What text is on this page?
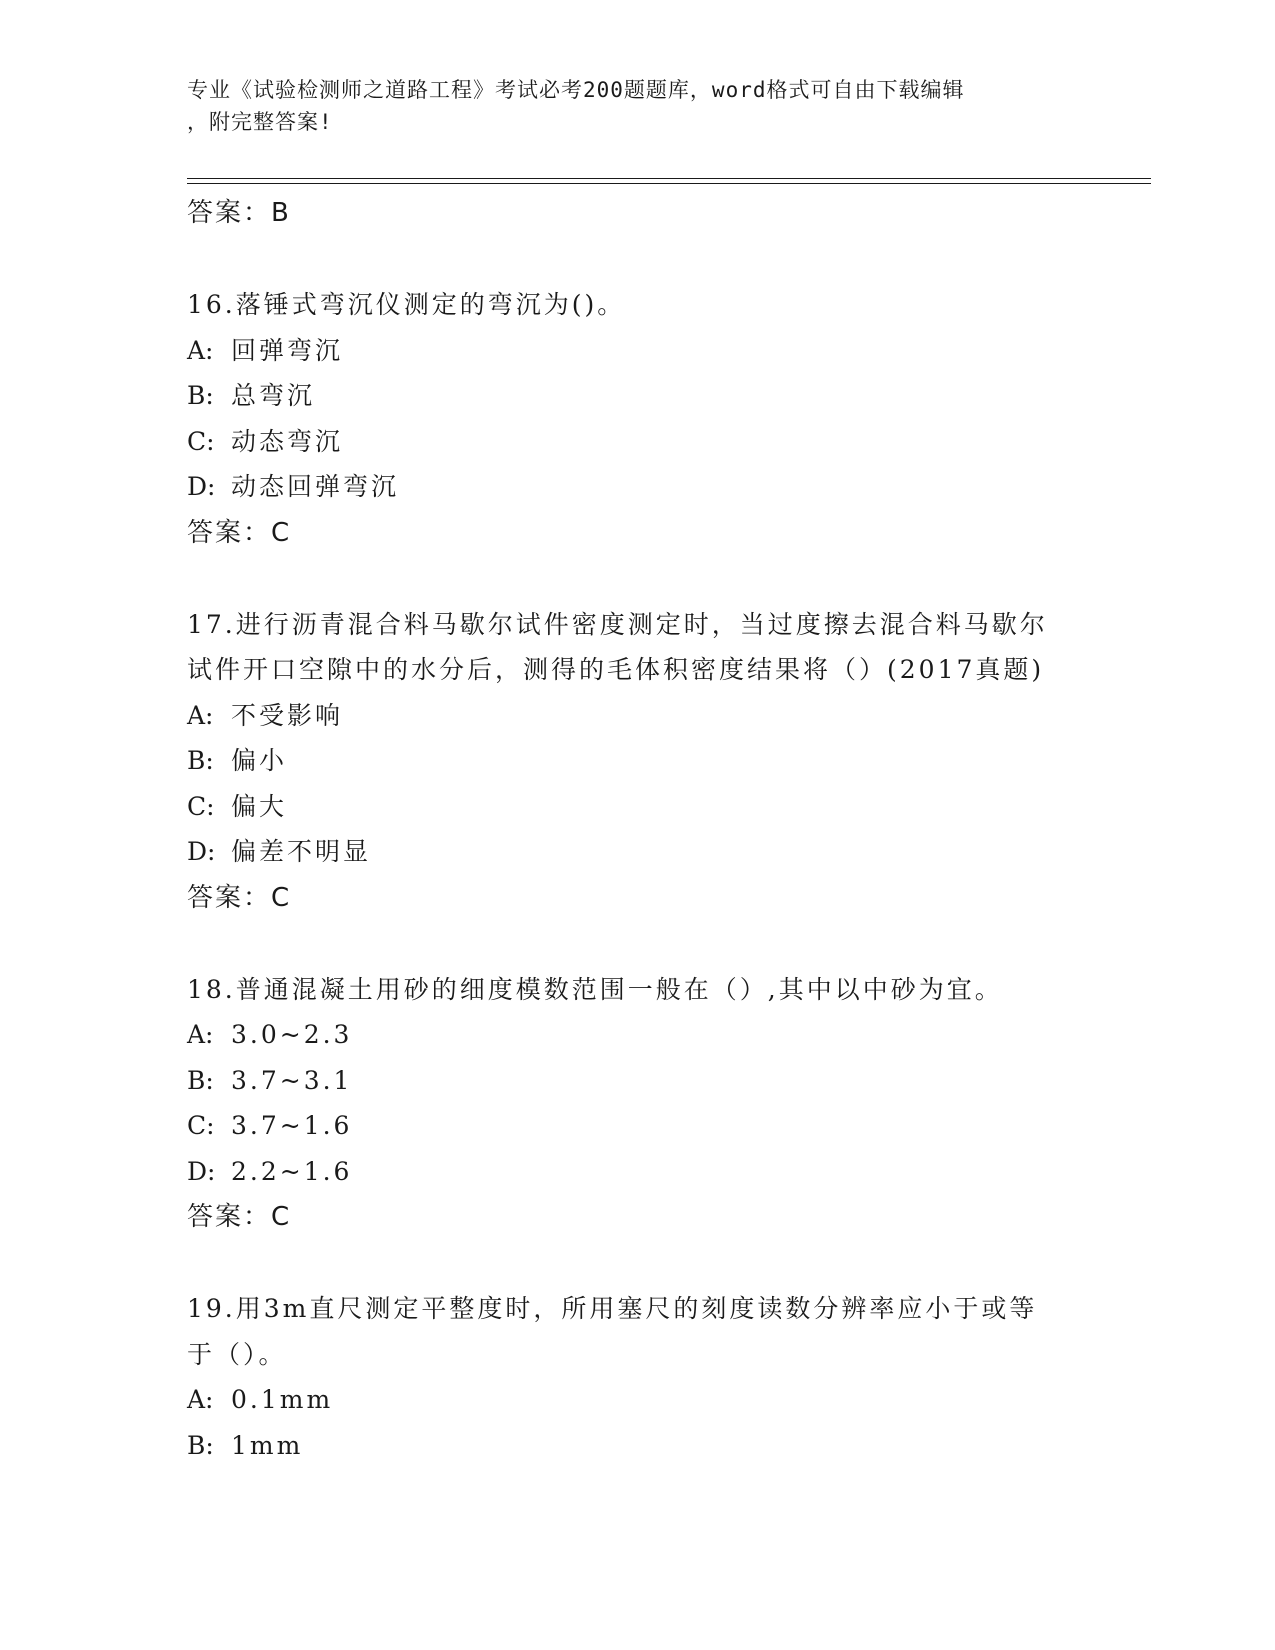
专业《试验检测师之道路工程》考试必考200题题库，word格式可自由下载编辑
，附完整答案!
答案：B
16.落锤式弯沉仪测定的弯沉为()。
A: 回弹弯沉
B: 总弯沉
C: 动态弯沉
D: 动态回弹弯沉
答案：C
17.进行沥青混合料马歇尔试件密度测定时，当过度擦去混合料马歇尔
试件开口空隙中的水分后，测得的毛体积密度结果将（）(2017真题)
A: 不受影响
B: 偏小
C: 偏大
D: 偏差不明显
答案：C
18.普通混凝土用砂的细度模数范围一般在（）,其中以中砂为宜。
A: 3.0~2.3
B: 3.7~3.1
C: 3.7~1.6
D: 2.2~1.6
答案：C
19.用3m直尺测定平整度时，所用塞尺的刻度读数分辨率应小于或等
于（）。
A: 0.1mm
B: 1mm
